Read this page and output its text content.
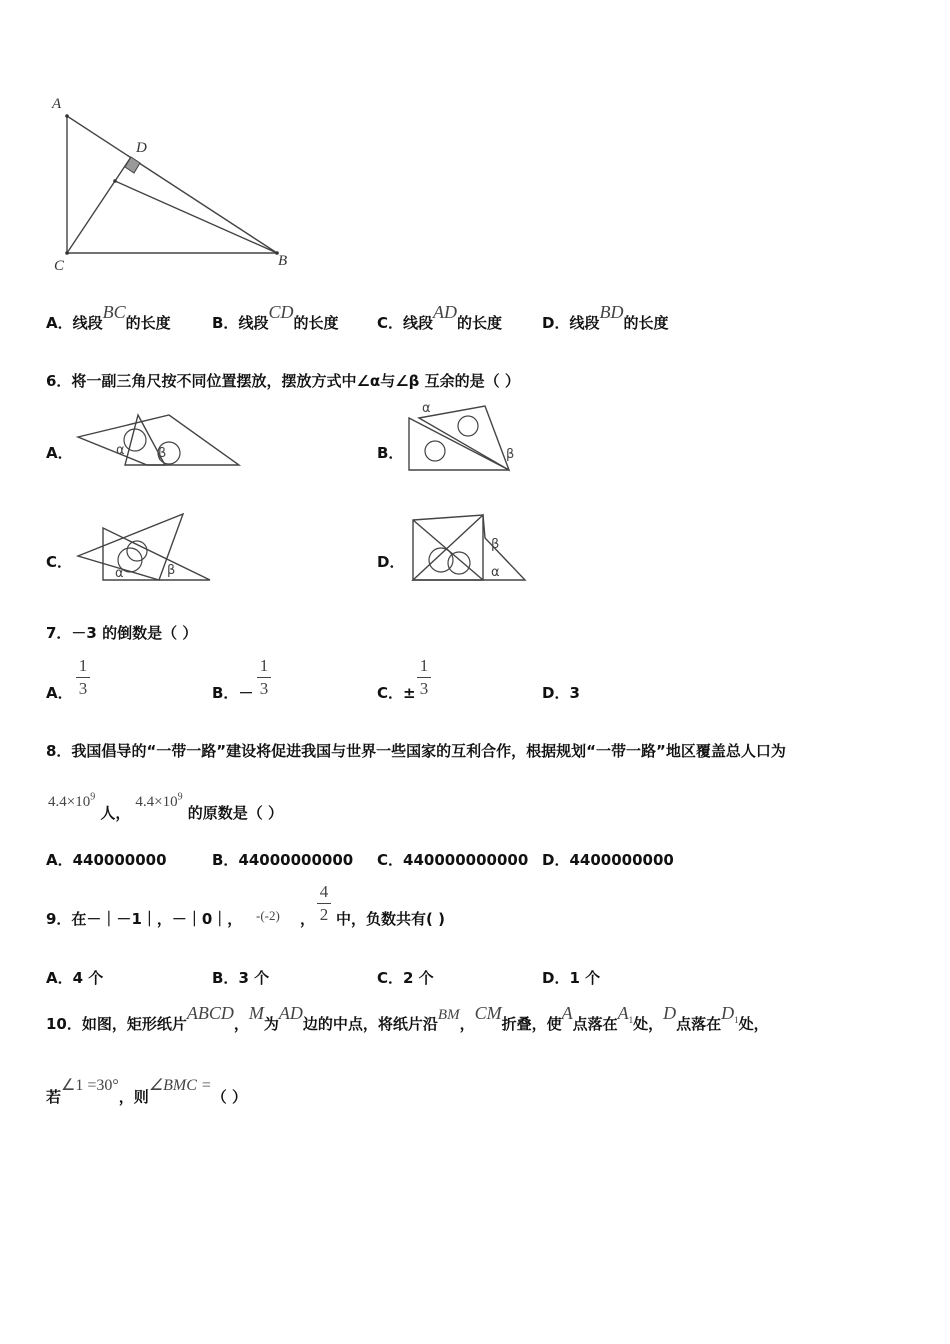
A
D
C	B
A．线段BC的长度	B．线段CD的长度	C．线段AD的长度	D．线段BD的长度
6．将一副三角尺按不同位置摆放，摆放方式中∠α与∠β 互余的是（ ）
A．	α	β	B．
α
β
C．
α	β	D．
β
α
7．－3 的倒数是（ ）
A．
1
3	B．－
1
3	C．±
1
3	D．3
8．我国倡导的“一带一路”建设将促进我国与世界一些国家的互利合作，根据规划“一带一路”地区覆盖总人口为
$4.4\times 10^9$ 人， $4.4\times 10^9$ 的原数是（ ）
A．440000000	B．44000000000 C．440000000000 D．4400000000
9．在－｜－1｜，－｜0｜， -(-2) ，
4
2 中，负数共有( )
A．4 个	B．3 个	C．2 个	D．1 个
10．如图，矩形纸片ABCD，M为AD边的中点，将纸片沿BM，CM折叠，使A点落在$A_1$处，D点落在$D_1$处，
若∠1 =30°，则∠BMC =（ ）
